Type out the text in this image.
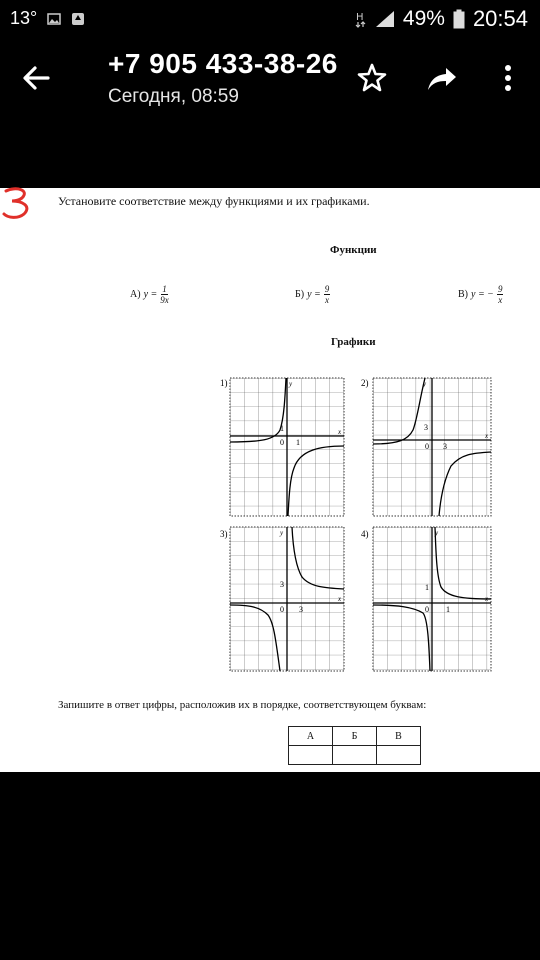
13°	H 49% 20:54
+7 905 433-38-26
Сегодня, 08:59
Установите соответствие между функциями и их графиками.
Функции
А) $y = \frac{1}{9x}$	Б) $y = \frac{9}{x}$	В) y = − $\frac{9}{x}$
Графики
1)	y
x
0
1
1
2)	y
x
0
3
3
3)	y
x
0
3
3
4)	y
x
0
1
1
Запишите в ответ цифры, расположив их в порядке, соответствующем буквам:
А	Б	В
